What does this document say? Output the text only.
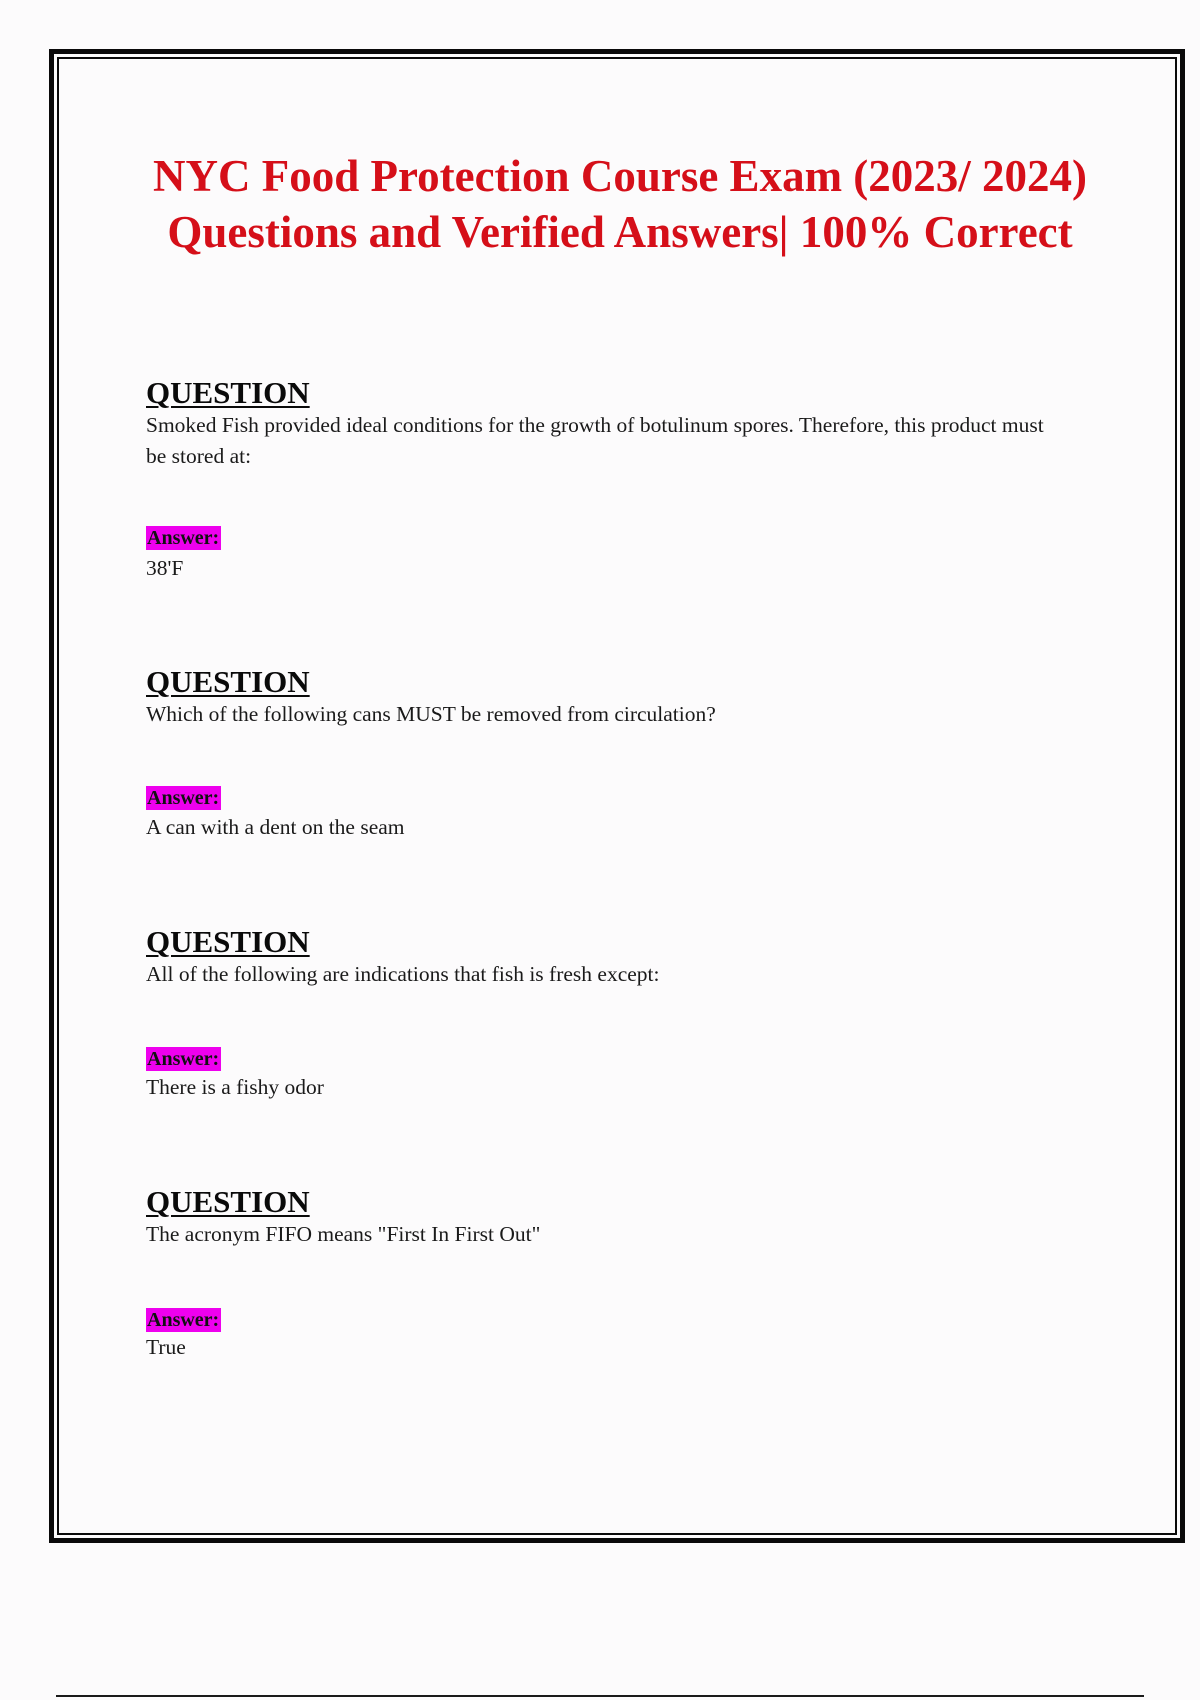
NYC Food Protection Course Exam (2023/ 2024) Questions and Verified Answers| 100% Correct
QUESTION
Smoked Fish provided ideal conditions for the growth of botulinum spores. Therefore, this product must be stored at:
Answer:
38'F
QUESTION
Which of the following cans MUST be removed from circulation?
Answer:
A can with a dent on the seam
QUESTION
All of the following are indications that fish is fresh except:
Answer:
There is a fishy odor
QUESTION
The acronym FIFO means "First In First Out"
Answer:
True
